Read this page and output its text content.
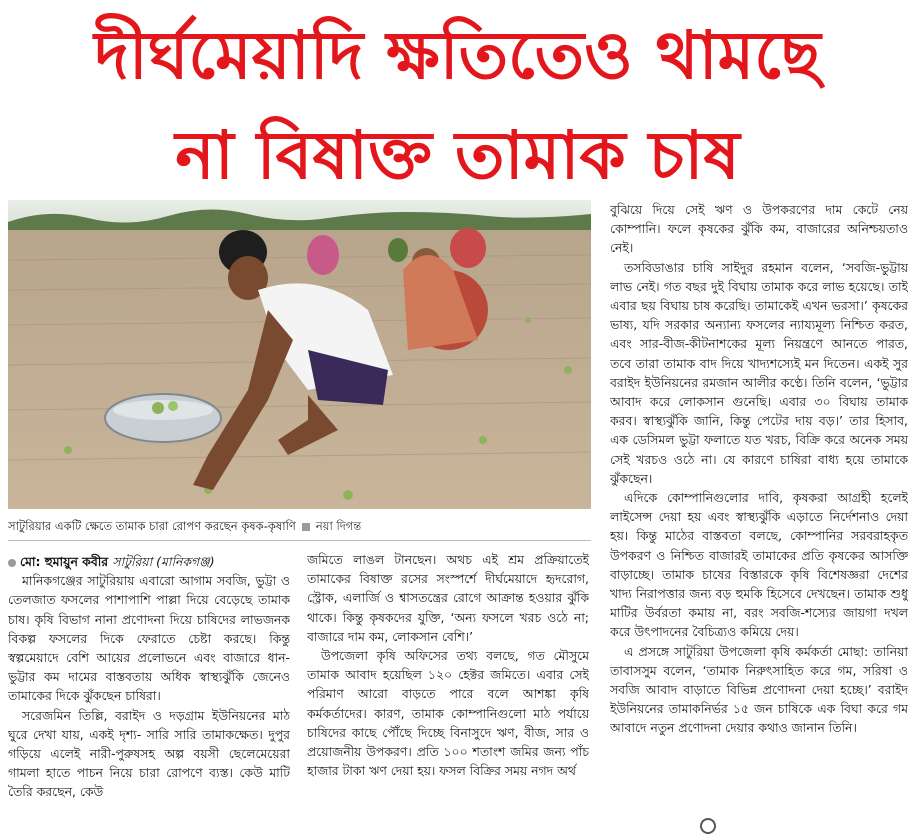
দীর্ঘমেয়াদি ক্ষতিতেও থামছে
না বিষাক্ত তামাক চাষ
সাটুরিয়ার একটি ক্ষেতে তামাক চারা রোপণ করছেন কৃষক-কৃষাণি নয়া দিগন্ত

মো: হুমায়ুন কবীর সাটুরিয়া (মানিকগঞ্জ)

মানিকগঞ্জের সাটুরিয়ায় এবারো আগাম সবজি, ভুট্টা ও তেলজাত ফসলের পাশাপাশি পাল্লা দিয়ে বেড়েছে তামাক চাষ। কৃষি বিভাগ নানা প্রণোদনা দিয়ে চাষিদের লাভজনক বিকল্প ফসলের দিকে ফেরাতে চেষ্টা করছে। কিন্তু স্বল্পমেয়াদে বেশি আয়ের প্রলোভনে এবং বাজারে ধান-ভুট্টার কম দামের বাস্তবতায় অধিক স্বাস্থ্যঝুঁকি জেনেও তামাকের দিকে ঝুঁকছেন চাষিরা।

সরেজমিন তিল্লি, বরাইদ ও দড়গ্রাম ইউনিয়নের মাঠ ঘুরে দেখা যায়, একই দৃশ্য- সারি সারি তামাকক্ষেত। দুপুর গড়িয়ে এলেই নারী-পুরুষসহ অল্প বয়সী ছেলেমেয়েরা গামলা হাতে পাচন নিয়ে চারা রোপণে ব্যস্ত। কেউ মাটি তৈরি করছেন, কেউ

জমিতে লাঙল টানছেন। অথচ এই শ্রম প্রক্রিয়াতেই তামাকের বিষাক্ত রসের সংস্পর্শে দীর্ঘমেয়াদে হৃদরোগ, স্ট্রোক, এলার্জি ও শ্বাসতন্ত্রের রোগে আক্রান্ত হওয়ার ঝুঁকি থাকে। কিন্তু কৃষকদের যুক্তি, ‘অন্য ফসলে খরচ ওঠে না; বাজারে দাম কম, লোকসান বেশি।’

উপজেলা কৃষি অফিসের তথ্য বলছে, গত মৌসুমে তামাক আবাদ হয়েছিল ১২০ হেক্টর জমিতে। এবার সেই পরিমাণ আরো বাড়তে পারে বলে আশঙ্কা কৃষি কর্মকর্তাদের। কারণ, তামাক কোম্পানিগুলো মাঠ পর্যায়ে চাষিদের কাছে পৌঁছে দিচ্ছে বিনাসুদে ঋণ, বীজ, সার ও প্রয়োজনীয় উপকরণ। প্রতি ১০০ শতাংশ জমির জন্য পাঁচ হাজার টাকা ঋণ দেয়া হয়। ফসল বিক্রির সময় নগদ অর্থ

বুঝিয়ে দিয়ে সেই ঋণ ও উপকরণের দাম কেটে নেয় কোম্পানি। ফলে কৃষকের ঝুঁকি কম, বাজারের অনিশ্চয়তাও নেই।

তসবিডাঙার চাষি সাইদুর রহমান বলেন, ‘সবজি-ভুট্টায় লাভ নেই। গত বছর দুই বিঘায় তামাক করে লাভ হয়েছে। তাই এবার ছয় বিঘায় চাষ করেছি। তামাকেই এখন ভরসা।’ কৃষকের ভাষ্য, যদি সরকার অন্যান্য ফসলের ন্যায্যমূল্য নিশ্চিত করত, এবং সার-বীজ-কীটনাশকের মূল্য নিয়ন্ত্রণে আনতে পারত, তবে তারা তামাক বাদ দিয়ে খাদ্যশস্যেই মন দিতেন। একই সুর বরাইদ ইউনিয়নের রমজান আলীর কণ্ঠে। তিনি বলেন, ‘ভুট্টার আবাদ করে লোকসান গুনেছি। এবার ৩০ বিঘায় তামাক করব। স্বাস্থ্যঝুঁকি জানি, কিন্তু পেটের দায় বড়।’ তার হিসাব, এক ডেসিমল ভুট্টা ফলাতে যত খরচ, বিক্রি করে অনেক সময় সেই খরচও ওঠে না। যে কারণে চাষিরা বাধ্য হয়ে তামাকে ঝুঁকছেন।

এদিকে কোম্পানিগুলোর দাবি, কৃষকরা আগ্রহী হলেই লাইসেন্স দেয়া হয় এবং স্বাস্থ্যঝুঁকি এড়াতে নির্দেশনাও দেয়া হয়। কিন্তু মাঠের বাস্তবতা বলছে, কোম্পানির সরবরাহকৃত উপকরণ ও নিশ্চিত বাজারই তামাকের প্রতি কৃষকের আসক্তি বাড়াচ্ছে। তামাক চাষের বিস্তারকে কৃষি বিশেষজ্ঞরা দেশের খাদ্য নিরাপত্তার জন্য বড় হুমকি হিসেবে দেখছেন। তামাক শুধু মাটির উর্বরতা কমায় না, বরং সবজি-শস্যের জায়গা দখল করে উৎপাদনের বৈচিত্র্যও কমিয়ে দেয়।

এ প্রসঙ্গে সাটুরিয়া উপজেলা কৃষি কর্মকর্তা মোছা: তানিয়া তাবাসসুম বলেন, ‘তামাক নিরুৎসাহিত করে গম, সরিষা ও সবজি আবাদ বাড়াতে বিভিন্ন প্রণোদনা দেয়া হচ্ছে।’ বরাইদ ইউনিয়নের তামাকনির্ভর ১৫ জন চাষিকে এক বিঘা করে গম আবাদে নতুন প্রণোদনা দেয়ার কথাও জানান তিনি।
